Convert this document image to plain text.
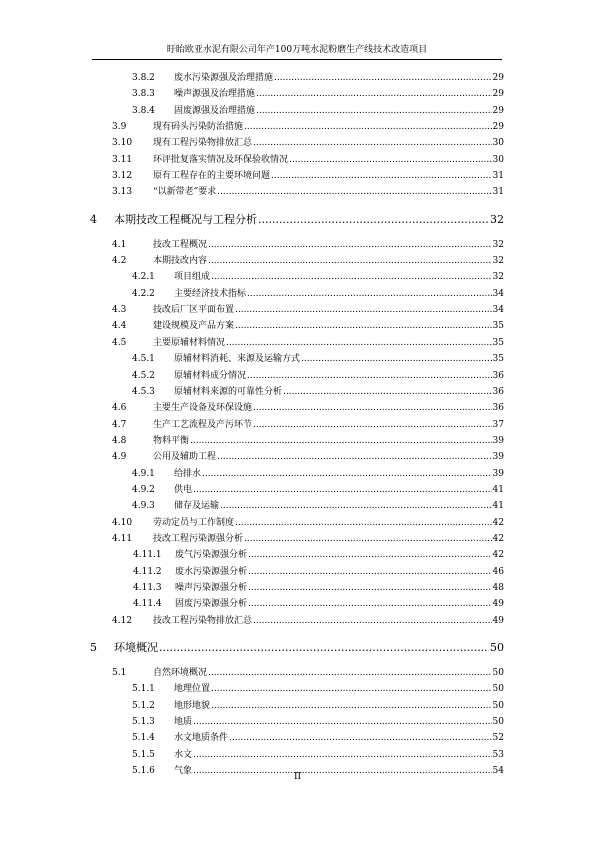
盱眙欧亚水泥有限公司年产100万吨水泥粉磨生产线技术改造项目
3.8.2 废水污染源强及治理措施 .....	29
3.8.3 噪声源强及治理措施 .....	29
3.8.4 固废源强及治理措施 .....	29
3.9	现有码头污染防治措施 .....	29
3.10 现有工程污染物排放汇总 .....	30
3.11 环评批复落实情况及环保验收情况 .....	30
3.12 原有工程存在的主要环境问题 .....	31
3.13 “以新带老”要求 .....	31
4 本期技改工程概况与工程分析 .....	32
4.1	技改工程概况 .....	32
4.2	本期技改内容 .....	32
4.2.1 项目组成 .....	32
4.2.2 主要经济技术指标 .....	34
4.3	技改后厂区平面布置 .....	34
4.4	建设规模及产品方案 .....	35
4.5	主要原辅材料情况 .....	35
4.5.1 原辅材料消耗、来源及运输方式 .....	35
4.5.2 原辅材料成分情况 .....	36
4.5.3 原辅材料来源的可靠性分析 .....	36
4.6	主要生产设备及环保设施 .....	36
4.7	生产工艺流程及产污环节 .....	37
4.8	物料平衡 .....	39
4.9	公用及辅助工程 .....	39
4.9.1 给排水 .....	39
4.9.2 供电 .....	41
4.9.3 储存及运输 .....	41
4.10 劳动定员与工作制度 .....	42
4.11 技改工程污染源强分析 .....	42
4.11.1 废气污染源强分析 .....	42
4.11.2 废水污染源强分析 .....	46
4.11.3 噪声污染源强分析 .....	48
4.11.4 固废污染源强分析 .....	49
4.12 技改工程污染物排放汇总 .....	49
5 环境概况 .....	50
5.1	自然环境概况 .....	50
5.1.1 地理位置 .....	50
5.1.2 地形地貌 .....	50
5.1.3 地质 .....	50
5.1.4 水文地质条件 .....	52
5.1.5 水文 .....	53
5.1.6 气象 .....	54
II
